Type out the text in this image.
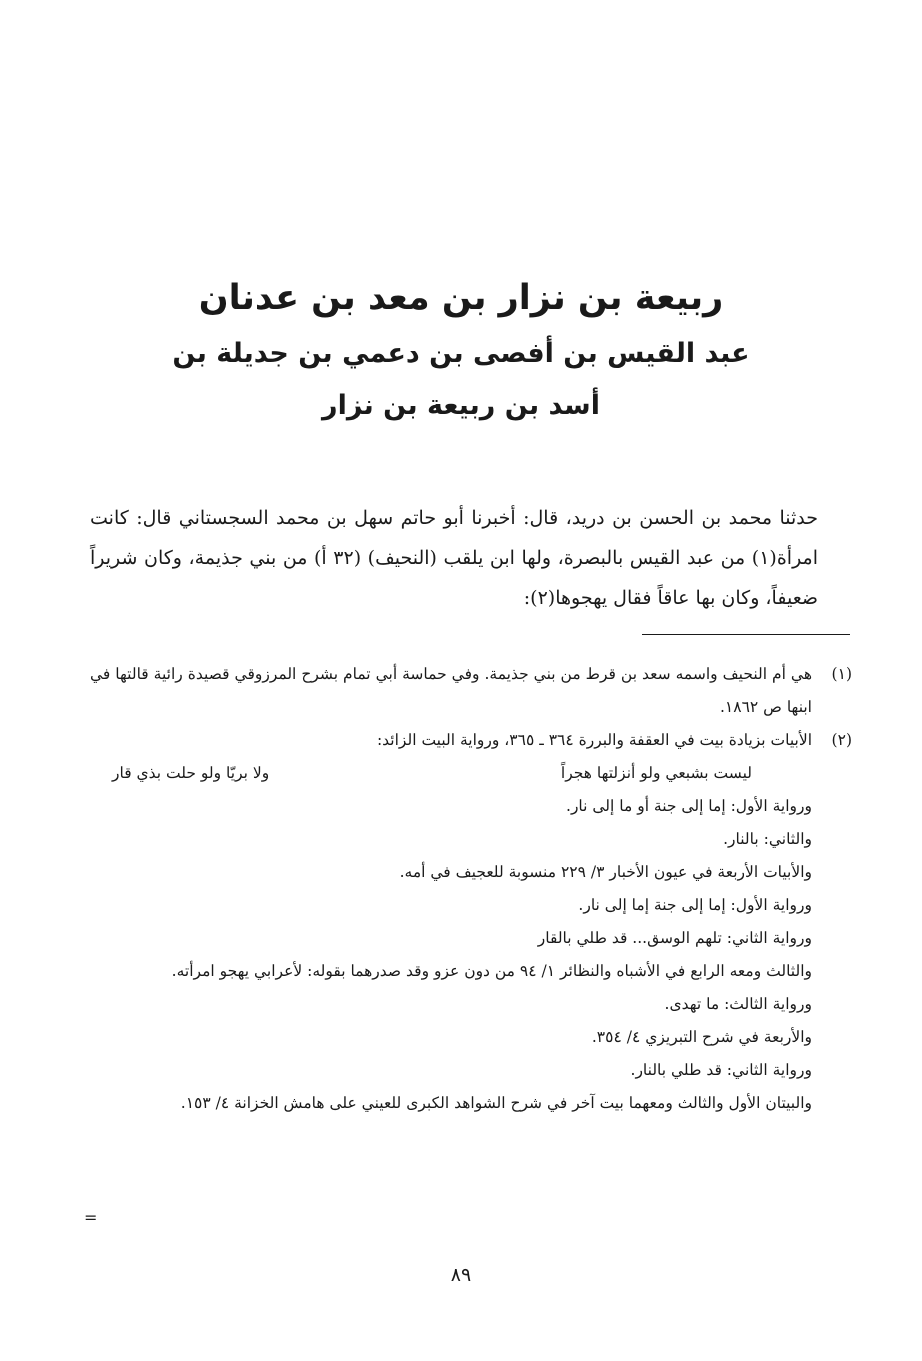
ربيعة بن نزار بن معد بن عدنان

عبد القيس بن أفصى بن دعمي بن جديلة بن

أسد بن ربيعة بن نزار

حدثنا محمد بن الحسن بن دريد، قال: أخبرنا أبو حاتم سهل بن محمد السجستاني قال: كانت امرأة(١) من عبد القيس بالبصرة، ولها ابن يلقب (النحيف) (٣٢ أ) من بني جذيمة، وكان شريراً ضعيفاً، وكان بها عاقاً فقال يهجوها(٢):

(١)
هي أم النحيف واسمه سعد بن قرط من بني جذيمة. وفي حماسة أبي تمام بشرح المرزوقي قصيدة رائية قالتها في ابنها ص ١٨٦٢.
(٢)
الأبيات بزيادة بيت في العقفة والبررة ٣٦٤ ـ ٣٦٥، ورواية البيت الزائد:
ليست بشبعي ولو أنزلتها هجراً
ولا بريّا ولو حلت بذي قار
ورواية الأول: إما إلى جنة أو ما إلى نار.
والثاني: بالنار.
والأبيات الأربعة في عيون الأخبار ٣/ ٢٢٩ منسوبة للعجيف في أمه.
ورواية الأول: إما إلى جنة إما إلى نار.
ورواية الثاني: تلهم الوسق... قد طلي بالقار
والثالث ومعه الرابع في الأشباه والنظائر ١/ ٩٤ من دون عزو وقد صدرهما بقوله: لأعرابي يهجو امرأته.
ورواية الثالث: ما تهدى.
والأربعة في شرح التبريزي ٤/ ٣٥٤.
ورواية الثاني: قد طلي بالنار.
والبيتان الأول والثالث ومعهما بيت آخر في شرح الشواهد الكبرى للعيني على هامش الخزانة ٤/ ١٥٣.
=
٨٩
